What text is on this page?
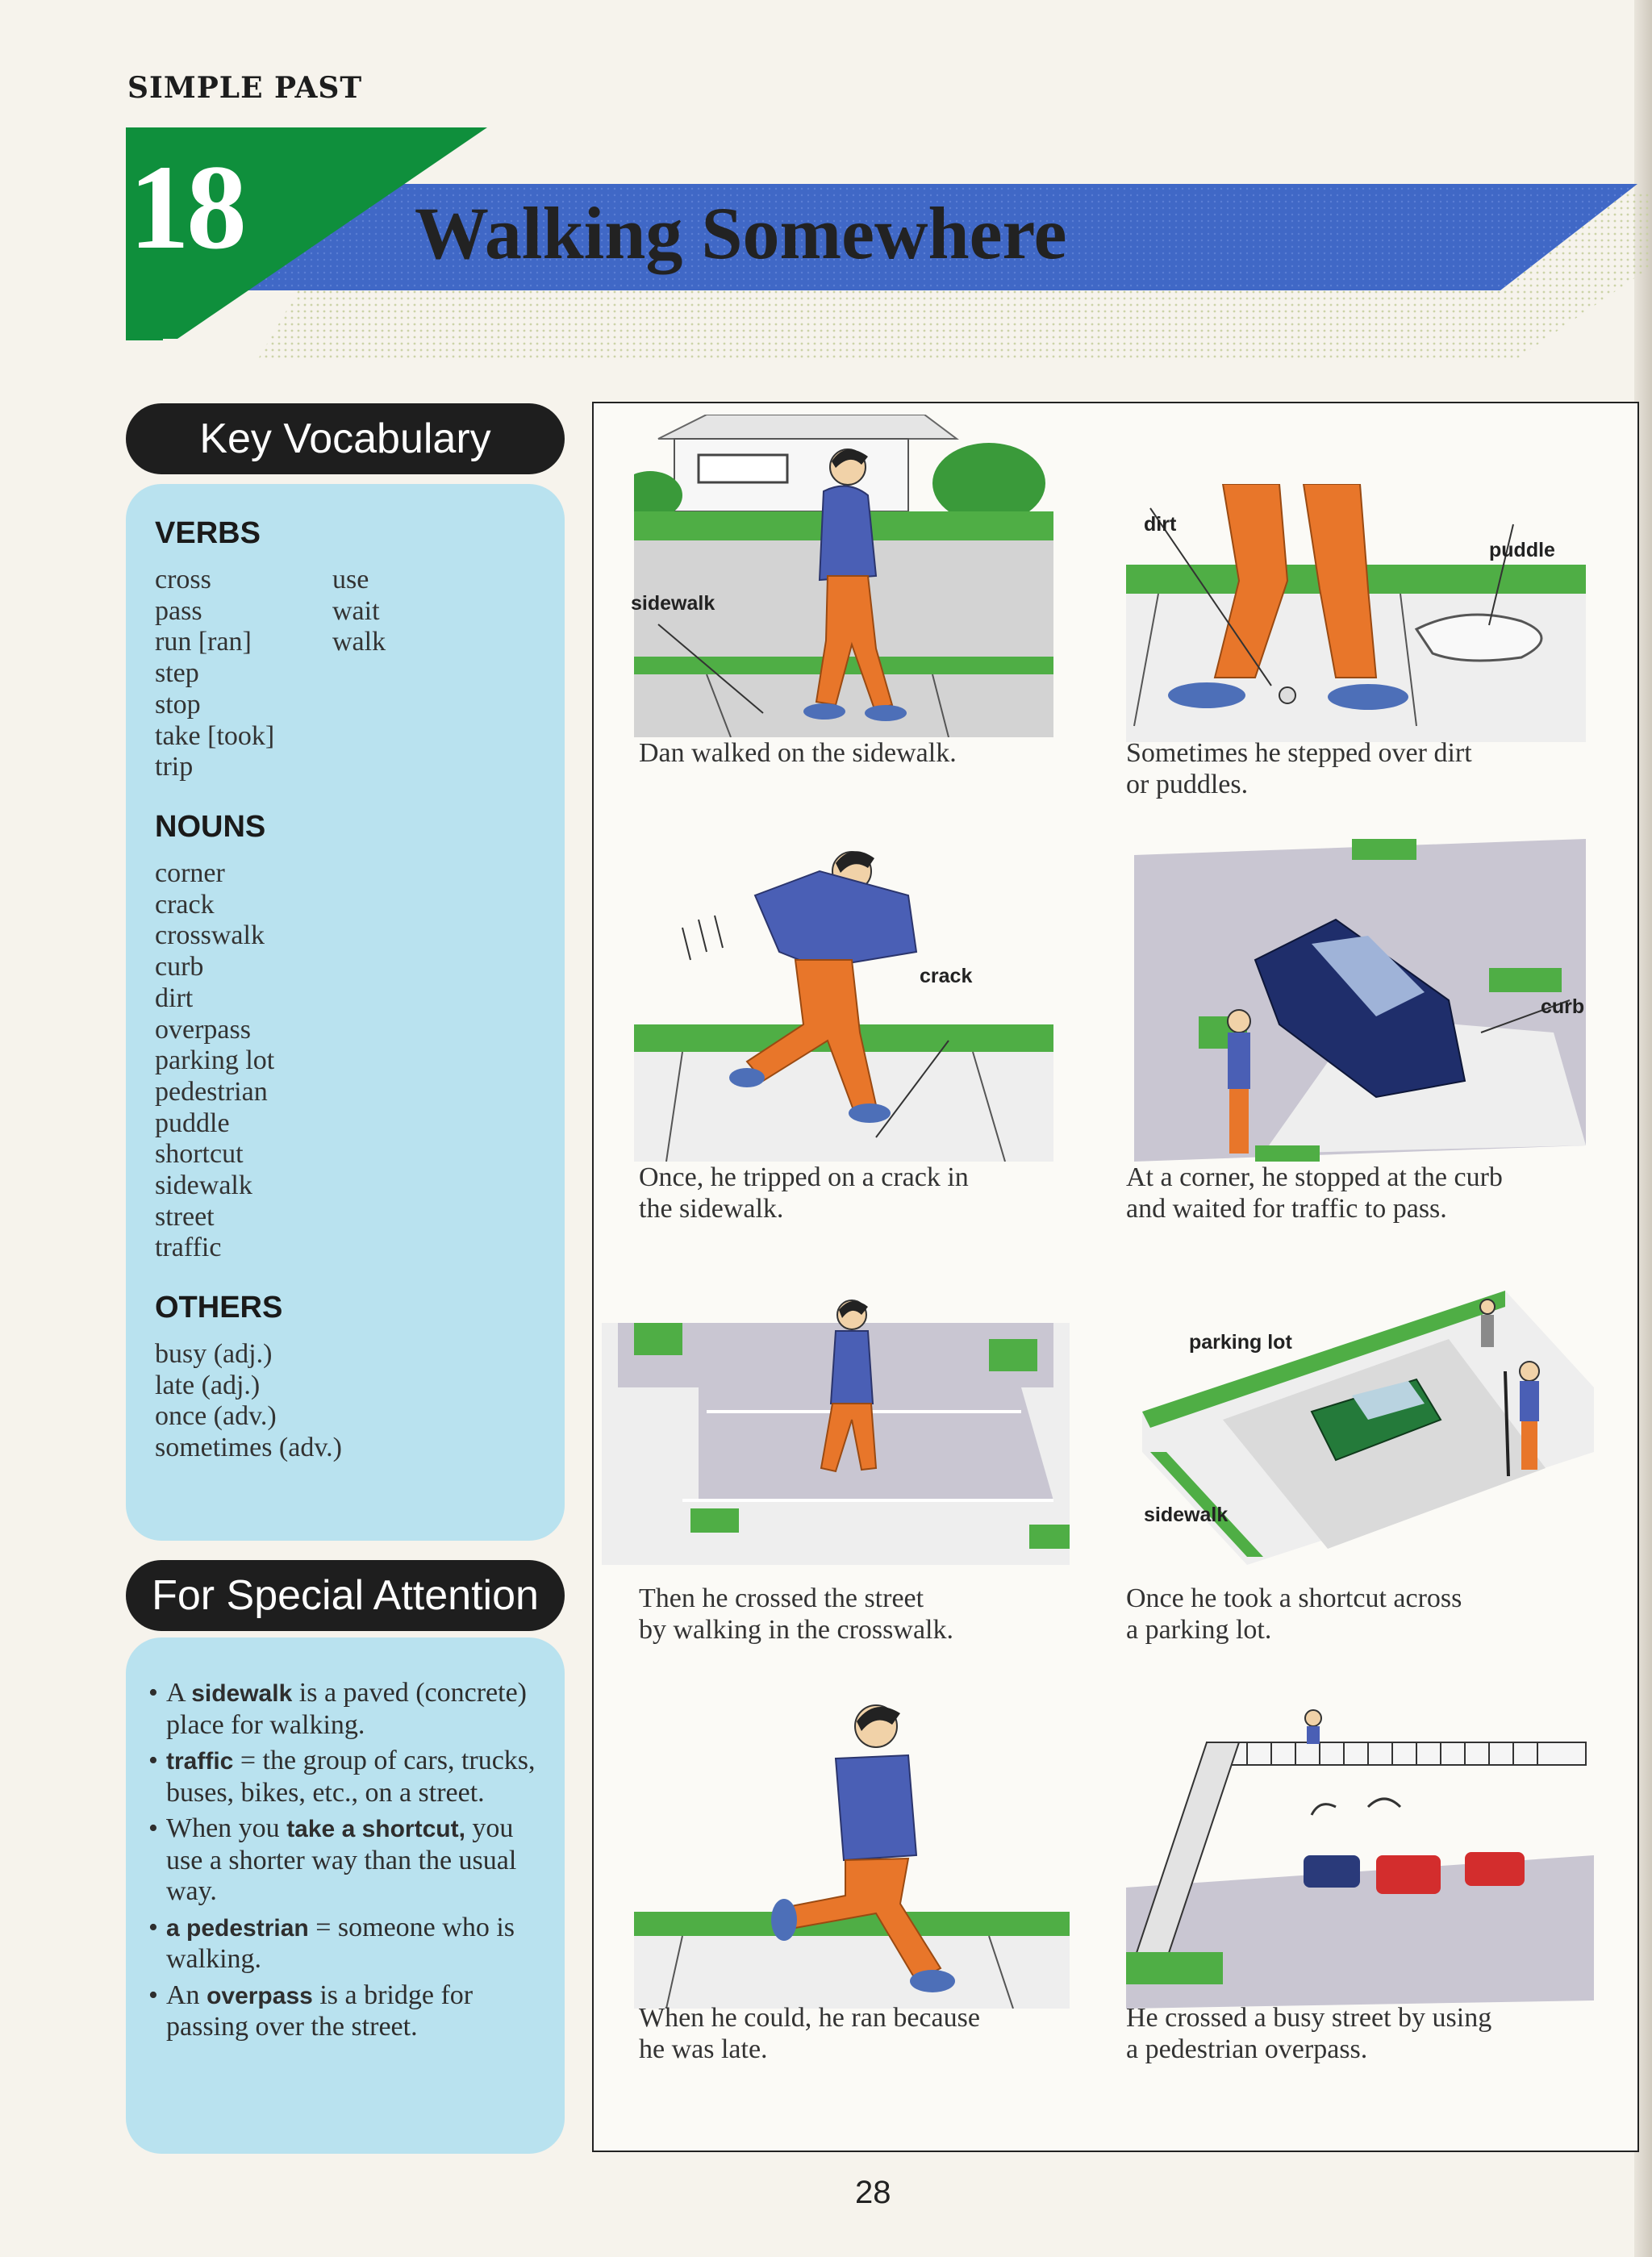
SIMPLE PAST
18 Walking Somewhere
Key Vocabulary
VERBS
cross
pass
run [ran]
step
stop
take [took]
trip
use
wait
walk
NOUNS
corner
crack
crosswalk
curb
dirt
overpass
parking lot
pedestrian
puddle
shortcut
sidewalk
street
traffic
OTHERS
busy (adj.)
late (adj.)
once (adv.)
sometimes (adv.)
For Special Attention
• A sidewalk is a paved (concrete) place for walking.
• traffic = the group of cars, trucks, buses, bikes, etc., on a street.
• When you take a shortcut, you use a shorter way than the usual way.
• a pedestrian = someone who is walking.
• An overpass is a bridge for passing over the street.
sidewalk
Dan walked on the sidewalk.
dirt
puddle
Sometimes he stepped over dirt
or puddles.
crack
Once, he tripped on a crack in
the sidewalk.
curb
At a corner, he stopped at the curb
and waited for traffic to pass.
Then he crossed the street
by walking in the crosswalk.
parking lot
sidewalk
Once he took a shortcut across
a parking lot.
When he could, he ran because
he was late.
He crossed a busy street by using
a pedestrian overpass.
28
